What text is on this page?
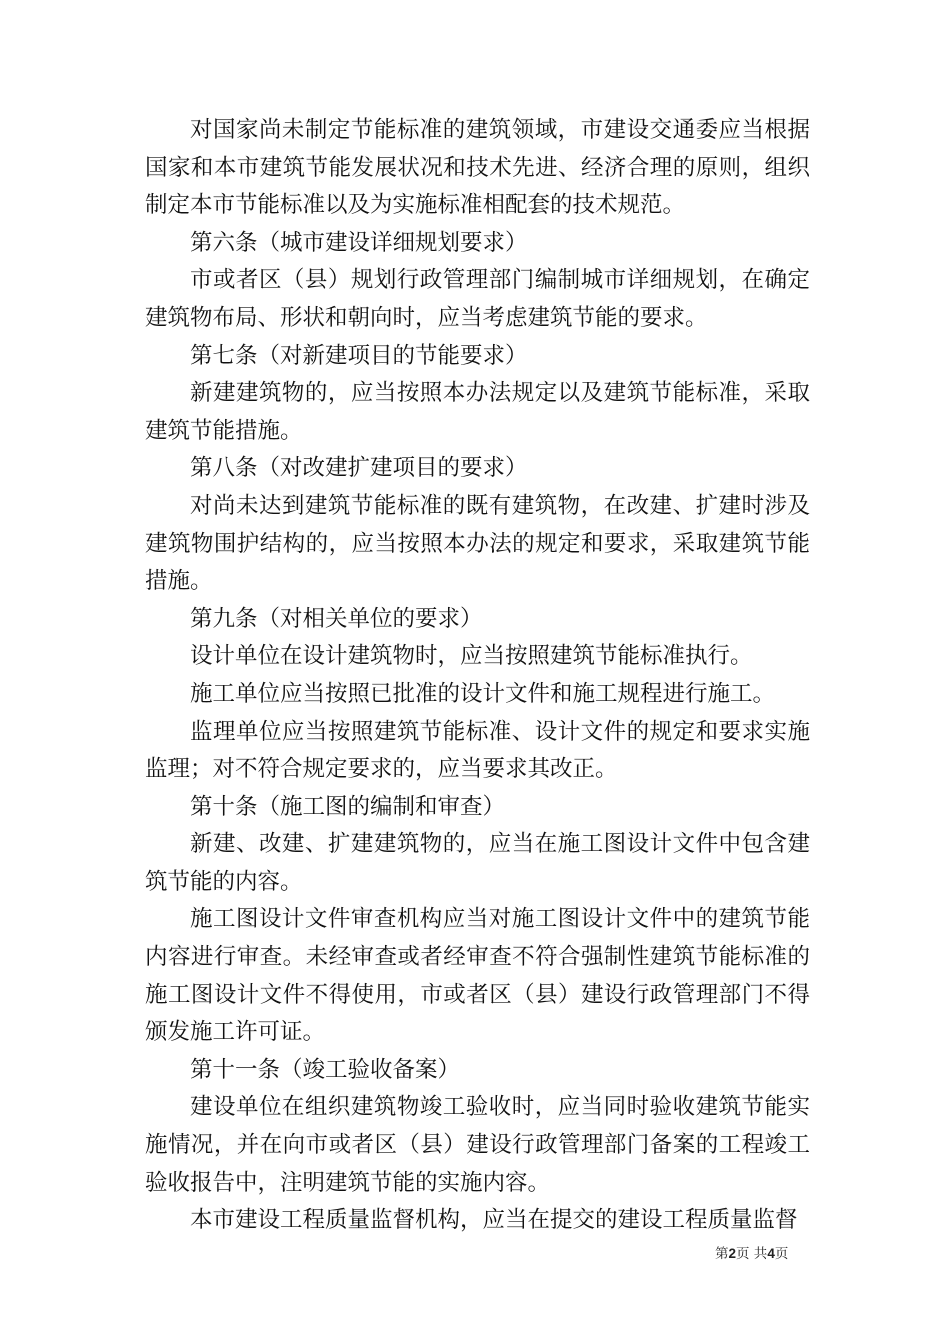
对国家尚未制定节能标准的建筑领域，市建设交通委应当根据国家和本市建筑节能发展状况和技术先进、经济合理的原则，组织制定本市节能标准以及为实施标准相配套的技术规范。

第六条（城市建设详细规划要求）

市或者区（县）规划行政管理部门编制城市详细规划，在确定建筑物布局、形状和朝向时，应当考虑建筑节能的要求。

第七条（对新建项目的节能要求）

新建建筑物的，应当按照本办法规定以及建筑节能标准，采取建筑节能措施。

第八条（对改建扩建项目的要求）

对尚未达到建筑节能标准的既有建筑物，在改建、扩建时涉及建筑物围护结构的，应当按照本办法的规定和要求，采取建筑节能措施。

第九条（对相关单位的要求）

设计单位在设计建筑物时，应当按照建筑节能标准执行。

施工单位应当按照已批准的设计文件和施工规程进行施工。

监理单位应当按照建筑节能标准、设计文件的规定和要求实施监理；对不符合规定要求的，应当要求其改正。

第十条（施工图的编制和审查）

新建、改建、扩建建筑物的，应当在施工图设计文件中包含建筑节能的内容。

施工图设计文件审查机构应当对施工图设计文件中的建筑节能内容进行审查。未经审查或者经审查不符合强制性建筑节能标准的施工图设计文件不得使用，市或者区（县）建设行政管理部门不得颁发施工许可证。

第十一条（竣工验收备案）

建设单位在组织建筑物竣工验收时，应当同时验收建筑节能实施情况，并在向市或者区（县）建设行政管理部门备案的工程竣工验收报告中，注明建筑节能的实施内容。

本市建设工程质量监督机构，应当在提交的建设工程质量监督

第2页 共4页
